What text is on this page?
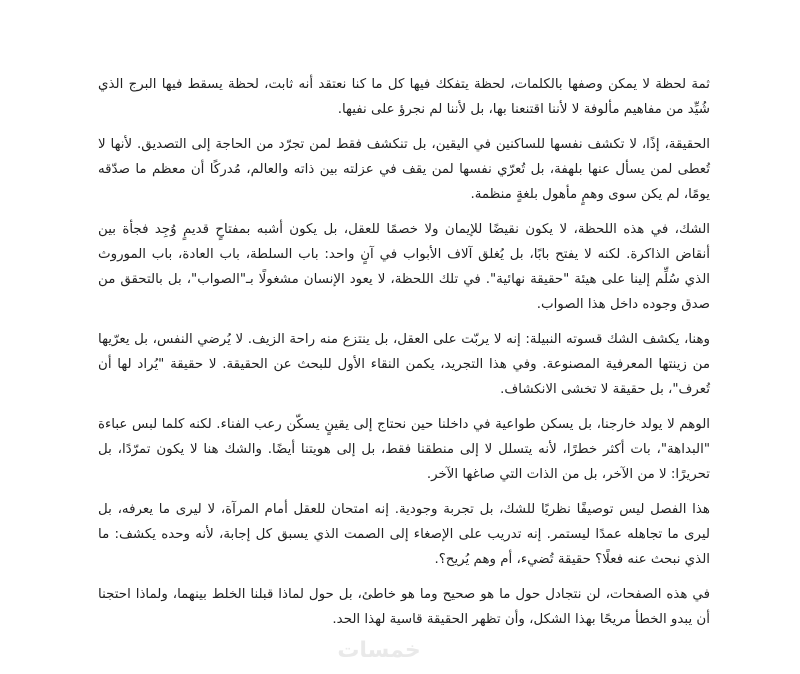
ثمة لحظة لا يمكن وصفها بالكلمات، لحظة يتفكك فيها كل ما كنا نعتقد أنه ثابت، لحظة يسقط فيها البرج الذي شُيِّد من مفاهيم مألوفة لا لأننا اقتنعنا بها، بل لأننا لم نجرؤ على نفيها.

الحقيقة، إذًا، لا تكشف نفسها للساكنين في اليقين، بل تنكشف فقط لمن تجرّد من الحاجة إلى التصديق. لأنها لا تُعطى لمن يسأل عنها بلهفة، بل تُعرّي نفسها لمن يقف في عزلته بين ذاته والعالم، مُدركًا أن معظم ما صدّقه يومًا، لم يكن سوى وهمٍ مأهول بلغةٍ منظمة.

الشك، في هذه اللحظة، لا يكون نقيضًا للإيمان ولا خصمًا للعقل، بل يكون أشبه بمفتاحٍ قديمٍ وُجِد فجأة بين أنقاض الذاكرة. لكنه لا يفتح بابًا، بل يُغلق آلاف الأبواب في آنٍ واحد: باب السلطة، باب العادة، باب الموروث الذي سُلِّم إلينا على هيئة "حقيقة نهائية". في تلك اللحظة، لا يعود الإنسان مشغولًا بـ"الصواب"، بل بالتحقق من صدق وجوده داخل هذا الصواب.

وهنا، يكشف الشك قسوته النبيلة: إنه لا يربّت على العقل، بل ينتزع منه راحة الزيف. لا يُرضي النفس، بل يعرّيها من زينتها المعرفية المصنوعة. وفي هذا التجريد، يكمن النقاء الأول للبحث عن الحقيقة. لا حقيقة "يُراد لها أن تُعرف"، بل حقيقة لا تخشى الانكشاف.

الوهم لا يولد خارجنا، بل يسكن طواعية في داخلنا حين نحتاج إلى يقينٍ يسكّن رعب الفناء. لكنه كلما لبس عباءة "البداهة"، بات أكثر خطرًا، لأنه يتسلل لا إلى منطقنا فقط، بل إلى هويتنا أيضًا. والشك هنا لا يكون تمرّدًا، بل تحريرًا: لا من الآخر، بل من الذات التي صاغها الآخر.

هذا الفصل ليس توصيفًا نظريًا للشك، بل تجربة وجودية. إنه امتحان للعقل أمام المرآة، لا ليرى ما يعرفه، بل ليرى ما تجاهله عمدًا ليستمر. إنه تدريب على الإصغاء إلى الصمت الذي يسبق كل إجابة، لأنه وحده يكشف: ما الذي نبحث عنه فعلًا؟ حقيقة تُضيء، أم وهم يُريح؟.

في هذه الصفحات، لن نتجادل حول ما هو صحيح وما هو خاطئ، بل حول لماذا قبلنا الخلط بينهما، ولماذا احتجنا أن يبدو الخطأ مريحًا بهذا الشكل، وأن تظهر الحقيقة قاسية لهذا الحد.

خمسات
